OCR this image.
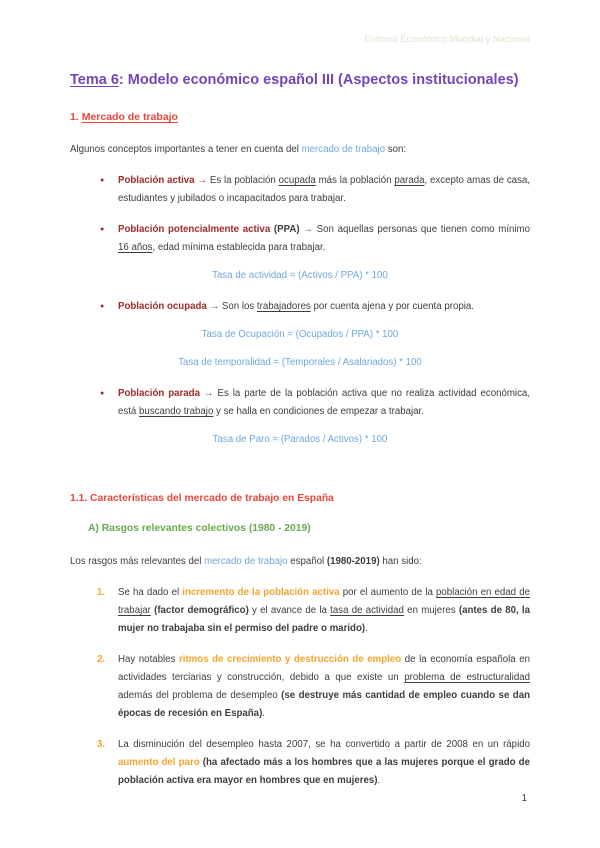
Entorno Económico Mundial y Nacional
Tema 6: Modelo económico español III (Aspectos institucionales)
1. Mercado de trabajo

Algunos conceptos importantes a tener en cuenta del mercado de trabajo son:

●	Población activa → Es la población ocupada más la población parada, excepto amas de casa, estudiantes y jubilados o incapacitados para trabajar.
●	Población potencialmente activa (PPA) → Son aquellas personas que tienen como mínimo 16 años, edad mínima establecida para trabajar.

Tasa de actividad = (Activos / PPA) * 100

●	Población ocupada → Son los trabajadores por cuenta ajena y por cuenta propia.

Tasa de Ocupación = (Ocupados / PPA) * 100

Tasa de temporalidad = (Temporales / Asalariados) * 100

●	Población parada → Es la parte de la población activa que no realiza actividad económica, está buscando trabajo y se halla en condiciones de empezar a trabajar.

Tasa de Paro = (Parados / Activos) * 100

1.1. Características del mercado de trabajo en España
A) Rasgos relevantes colectivos (1980 - 2019)

Los rasgos más relevantes del mercado de trabajo español (1980-2019) han sido:

1.	Se ha dado el incremento de la población activa por el aumento de la población en edad de trabajar (factor demográfico) y el avance de la tasa de actividad en mujeres (antes de 80, la mujer no trabajaba sin el permiso del padre o marido).
2.	Hay notables ritmos de crecimiento y destrucción de empleo de la economía española en actividades terciarias y construcción, debido a que existe un problema de estructuralidad además del problema de desempleo (se destruye más cantidad de empleo cuando se dan épocas de recesión en España).
3.	La disminución del desempleo hasta 2007, se ha convertido a partir de 2008 en un rápido aumento del paro (ha afectado más a los hombres que a las mujeres porque el grado de población activa era mayor en hombres que en mujeres).
1
